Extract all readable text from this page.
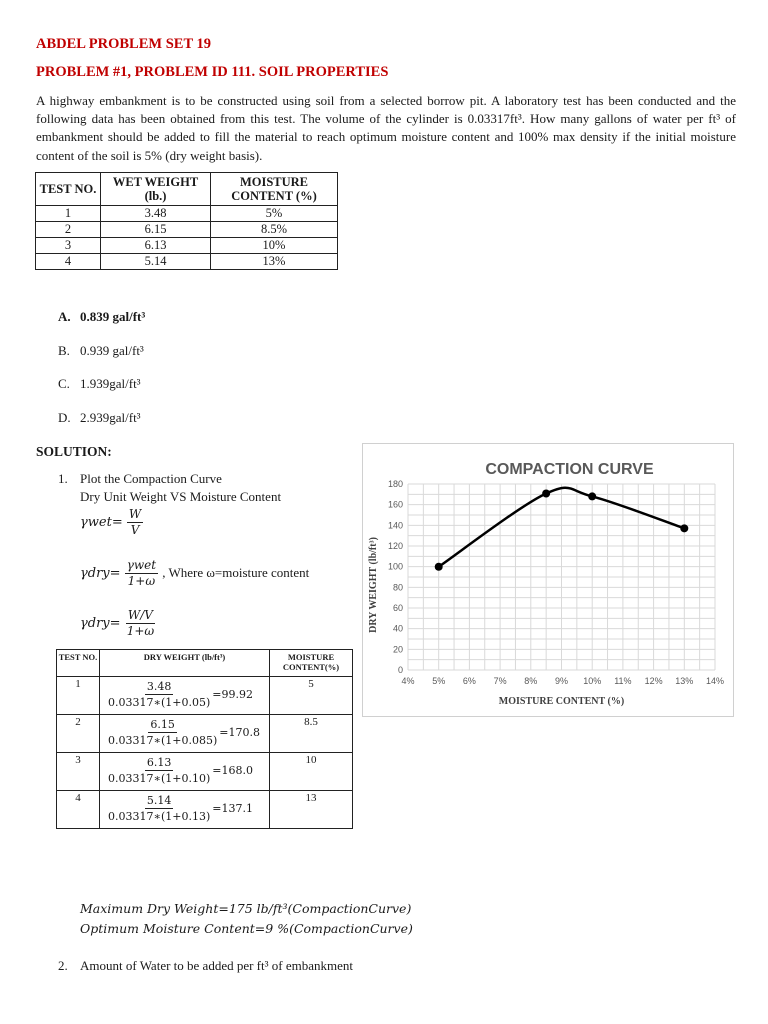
ABDEL PROBLEM SET 19
PROBLEM #1, PROBLEM ID 111. SOIL PROPERTIES
A highway embankment is to be constructed using soil from a selected borrow pit. A laboratory test has been conducted and the following data has been obtained from this test. The volume of the cylinder is 0.03317ft³. How many gallons of water per ft³ of embankment should be added to fill the material to reach optimum moisture content and 100% max density if the initial moisture content of the soil is 5% (dry weight basis).
TEST NO.	WET WEIGHT (lb.)	MOISTURE CONTENT (%)
1	3.48	5%
2	6.15	8.5%
3	6.13	10%
4	5.14	13%
A. 0.839 gal/ft³
B. 0.939 gal/ft³
C. 1.939gal/ft³
D. 2.939gal/ft³
SOLUTION:
1. Plot the Compaction Curve
Dry Unit Weight VS Moisture Content
$\gamma wet= \frac{W}{V}$
$\gamma dry= \frac{\text{γwet}}{1+\omega}$ , Where ω=moisture content
$\gamma dry= \frac{W/V}{1+\omega}$
TEST NO.	DRY WEIGHT (lb/ft³)	MOISTURE CONTENT(%)
1	$\frac{3.48}{0.03317∗(1+0.05)} =99.92$	5
2	$\frac{6.15}{0.03317∗(1+0.085)} =170.8$	8.5
3	$\frac{6.13}{0.03317∗(1+0.10)} =168.0$	10
4	$\frac{5.14}{0.03317∗(1+0.13)} =137.1$	13
COMPACTION CURVE
4% 5% 6% 7% 8% 9% 10% 11% 12% 13% 14%
0
20
40
60
80
100
120
140
160
180
MOISTURE CONTENT (%)
DRY WEIGHT (lb/ft³)
Maximum Dry Weight=175 lb/ft³(CompactionCurve)
Optimum Moisture Content=9 %(CompactionCurve)
2. Amount of Water to be added per ft³ of embankment
